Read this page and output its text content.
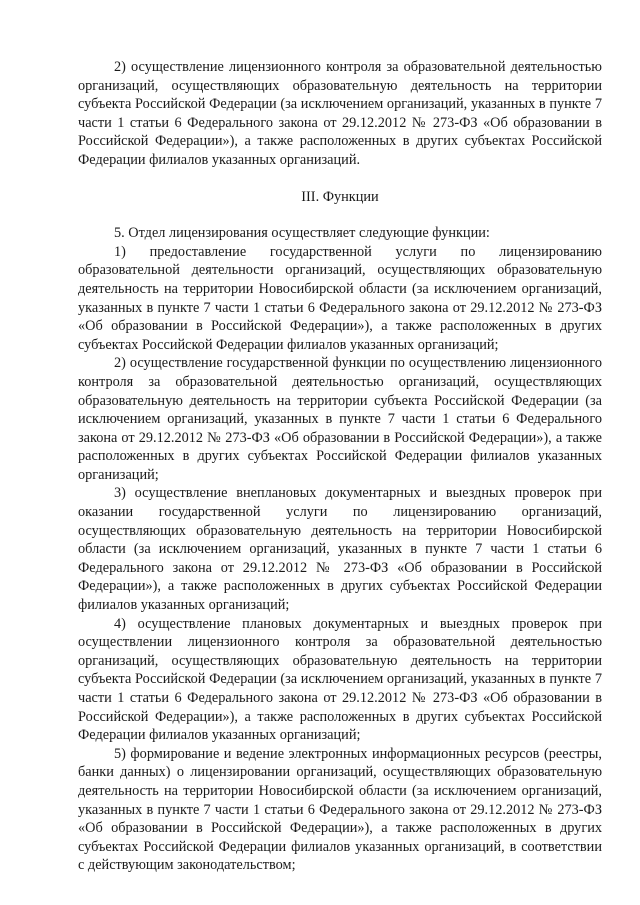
2) осуществление лицензионного контроля за образовательной деятельностью организаций, осуществляющих образовательную деятельность на территории субъекта Российской Федерации (за исключением организаций, указанных в пункте 7 части 1 статьи 6 Федерального закона от 29.12.2012 № 273-ФЗ «Об образовании в Российской Федерации»), а также расположенных в других субъектах Российской Федерации филиалов указанных организаций.

III. Функции

5. Отдел лицензирования осуществляет следующие функции:

1) предоставление государственной услуги по лицензированию образовательной деятельности организаций, осуществляющих образовательную деятельность на территории Новосибирской области (за исключением организаций, указанных в пункте 7 части 1 статьи 6 Федерального закона от 29.12.2012 № 273-ФЗ «Об образовании в Российской Федерации»), а также расположенных в других субъектах Российской Федерации филиалов указанных организаций;

2) осуществление государственной функции по осуществлению лицензионного контроля за образовательной деятельностью организаций, осуществляющих образовательную деятельность на территории субъекта Российской Федерации (за исключением организаций, указанных в пункте 7 части 1 статьи 6 Федерального закона от 29.12.2012 № 273-ФЗ «Об образовании в Российской Федерации»), а также расположенных в других субъектах Российской Федерации филиалов указанных организаций;

3) осуществление внеплановых документарных и выездных проверок при оказании государственной услуги по лицензированию организаций, осуществляющих образовательную деятельность на территории Новосибирской области (за исключением организаций, указанных в пункте 7 части 1 статьи 6 Федерального закона от 29.12.2012 № 273-ФЗ «Об образовании в Российской Федерации»), а также расположенных в других субъектах Российской Федерации филиалов указанных организаций;

4) осуществление плановых документарных и выездных проверок при осуществлении лицензионного контроля за образовательной деятельностью организаций, осуществляющих образовательную деятельность на территории субъекта Российской Федерации (за исключением организаций, указанных в пункте 7 части 1 статьи 6 Федерального закона от 29.12.2012 № 273-ФЗ «Об образовании в Российской Федерации»), а также расположенных в других субъектах Российской Федерации филиалов указанных организаций;

5) формирование и ведение электронных информационных ресурсов (реестры, банки данных) о лицензировании организаций, осуществляющих образовательную деятельность на территории Новосибирской области (за исключением организаций, указанных в пункте 7 части 1 статьи 6 Федерального закона от 29.12.2012 № 273-ФЗ «Об образовании в Российской Федерации»), а также расположенных в других субъектах Российской Федерации филиалов указанных организаций, в соответствии с действующим законодательством;
